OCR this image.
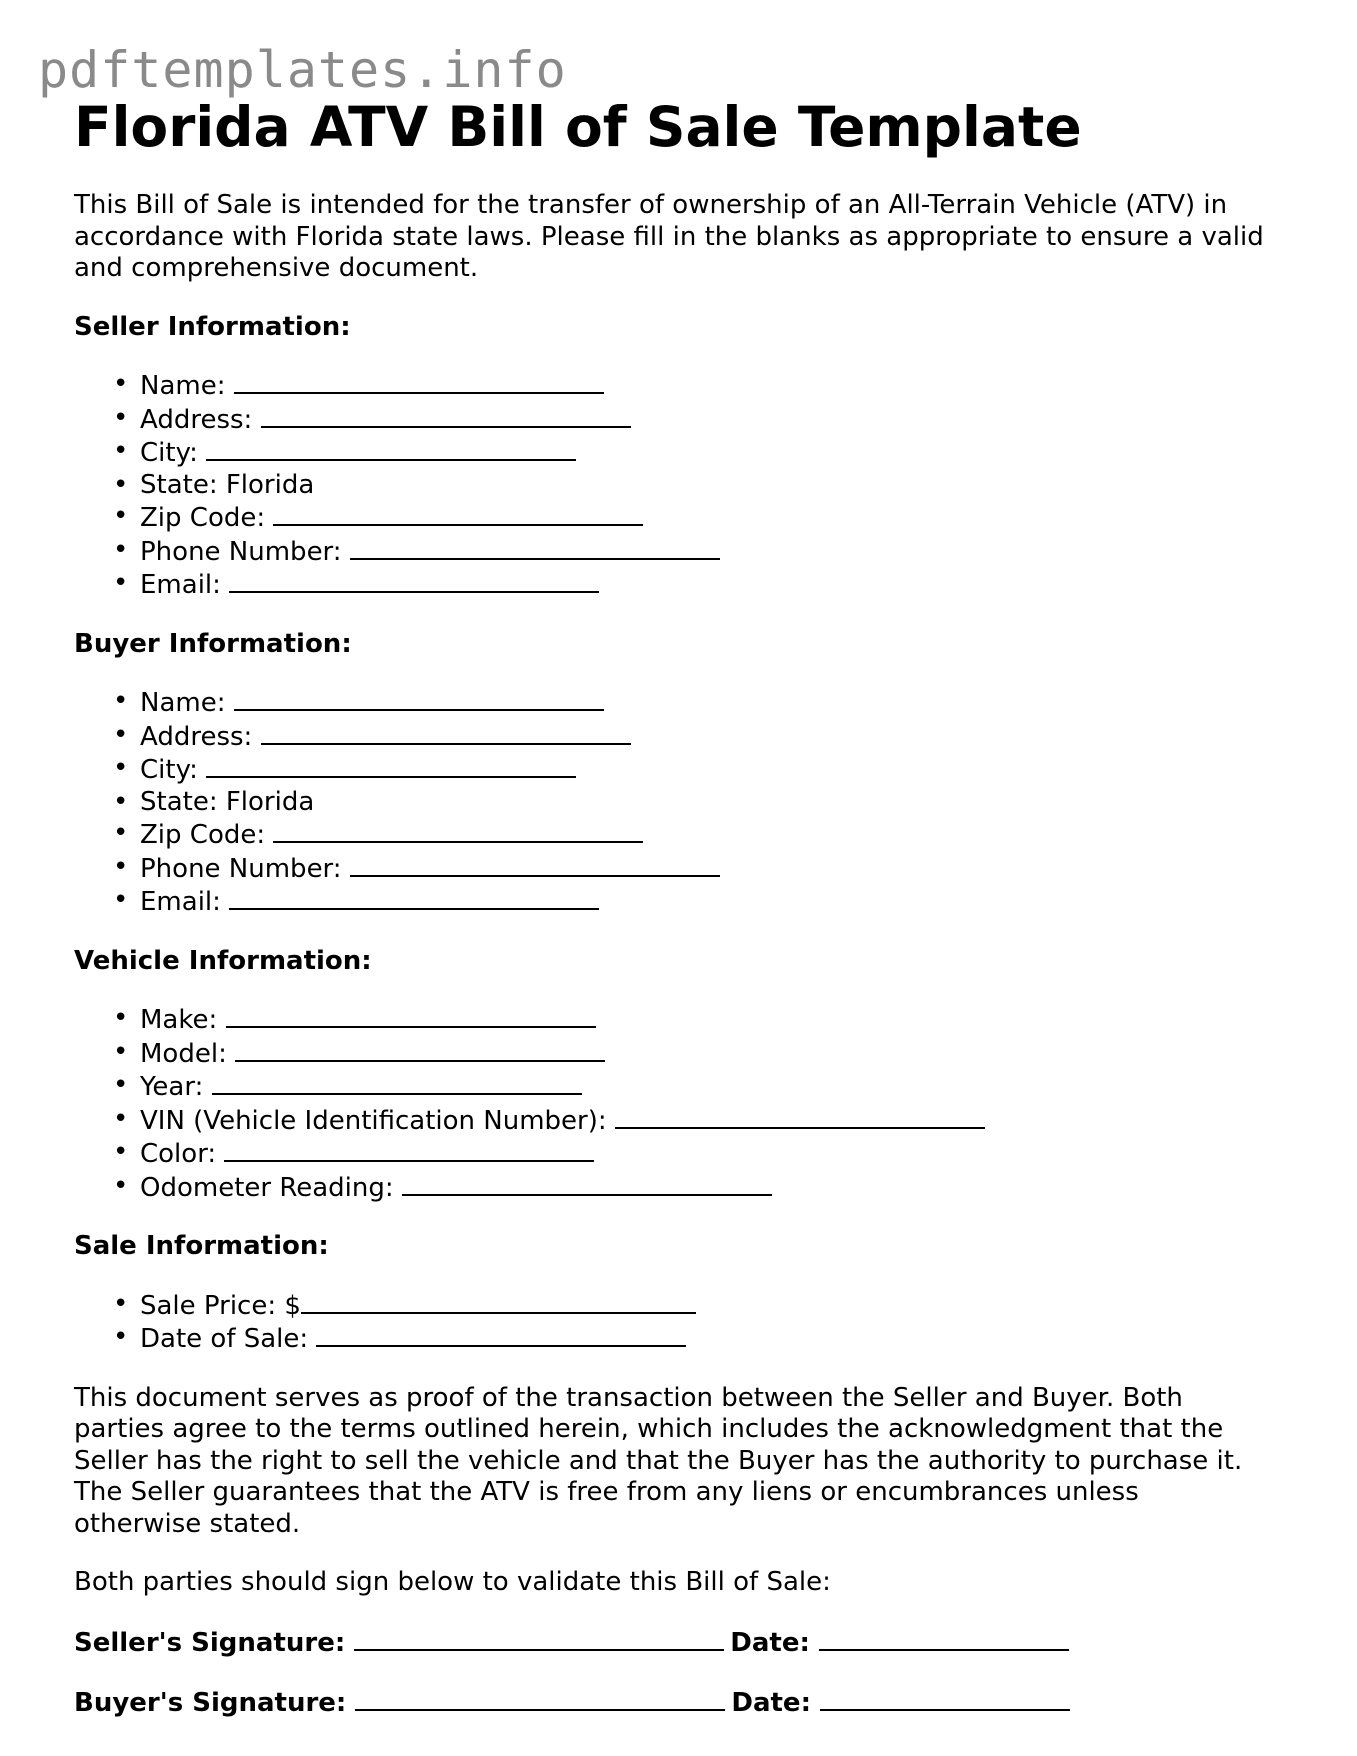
pdftemplates.info
Florida ATV Bill of Sale Template

This Bill of Sale is intended for the transfer of ownership of an All-Terrain Vehicle (ATV) in accordance with Florida state laws. Please fill in the blanks as appropriate to ensure a valid and comprehensive document.

Seller Information:
• Name:
• Address:
• City:
• State: Florida
• Zip Code:
• Phone Number:
• Email:
Buyer Information:
• Name:
• Address:
• City:
• State: Florida
• Zip Code:
• Phone Number:
• Email:
Vehicle Information:
• Make:
• Model:
• Year:
• VIN (Vehicle Identification Number):
• Color:
• Odometer Reading:
Sale Information:
• Sale Price: $
• Date of Sale:

This document serves as proof of the transaction between the Seller and Buyer. Both parties agree to the terms outlined herein, which includes the acknowledgment that the Seller has the right to sell the vehicle and that the Buyer has the authority to purchase it. The Seller guarantees that the ATV is free from any liens or encumbrances unless otherwise stated.

Both parties should sign below to validate this Bill of Sale:

Seller's Signature:	Date:
Buyer's Signature:	Date:
